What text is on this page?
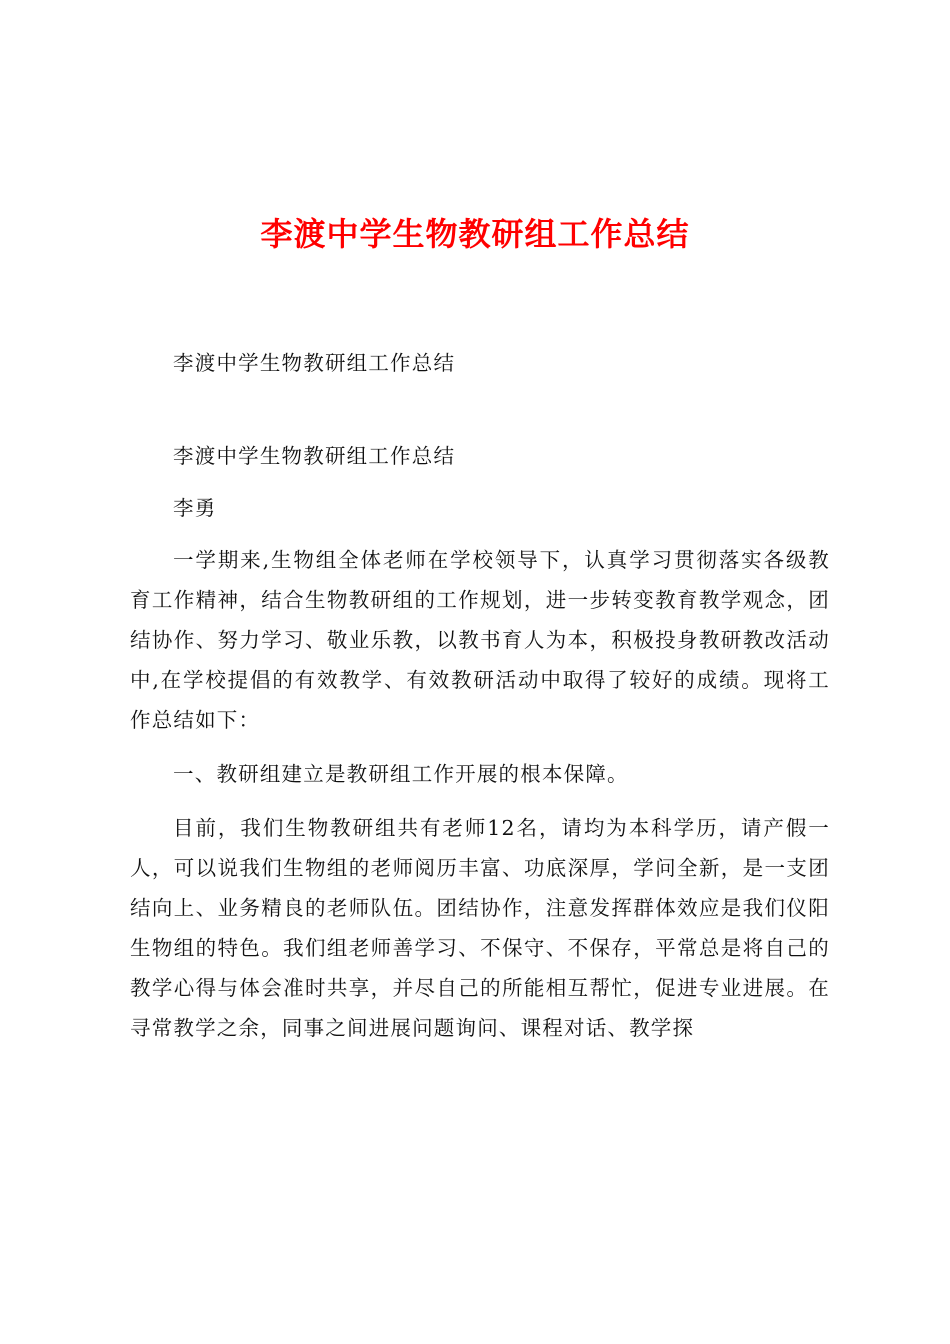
李渡中学生物教研组工作总结

李渡中学生物教研组工作总结

李渡中学生物教研组工作总结

李勇

一学期来,生物组全体老师在学校领导下，认真学习贯彻落实各级教育工作精神，结合生物教研组的工作规划，进一步转变教育教学观念，团结协作、努力学习、敬业乐教，以教书育人为本，积极投身教研教改活动中,在学校提倡的有效教学、有效教研活动中取得了较好的成绩。现将工作总结如下：

一、教研组建立是教研组工作开展的根本保障。

目前，我们生物教研组共有老师12名，请均为本科学历，请产假一人，可以说我们生物组的老师阅历丰富、功底深厚，学问全新，是一支团结向上、业务精良的老师队伍。团结协作，注意发挥群体效应是我们仪阳生物组的特色。我们组老师善学习、不保守、不保存，平常总是将自己的教学心得与体会准时共享，并尽自己的所能相互帮忙，促进专业进展。在寻常教学之余，同事之间进展问题询问、课程对话、教学探
